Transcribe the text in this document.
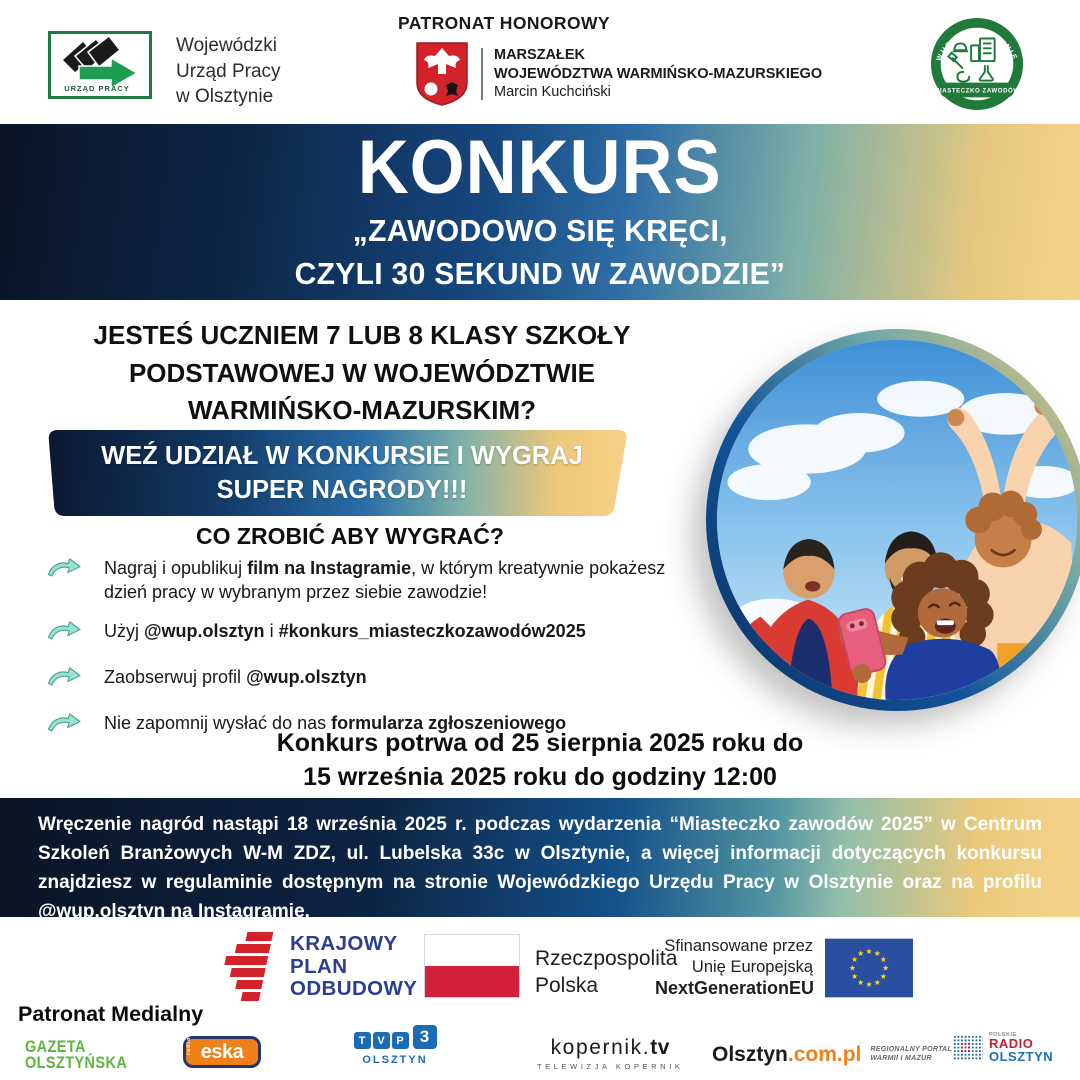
URZĄD PRACY
Wojewódzki
Urząd Pracy
w Olsztynie
PATRONAT HONOROWY
MARSZAŁEK
WOJEWÓDZTWA WARMIŃSKO-MAZURSKIEGO
Marcin Kuchciński
WUP W OLSZTYNIE
MIASTECZKO ZAWODÓW
KONKURS
„ZAWODOWO SIĘ KRĘCI,
CZYLI 30 SEKUND W ZAWODZIE”
JESTEŚ UCZNIEM 7 LUB 8 KLASY SZKOŁY
PODSTAWOWEJ W WOJEWÓDZTWIE
WARMIŃSKO-MAZURSKIM?
WEŹ UDZIAŁ W KONKURSIE I WYGRAJ
SUPER NAGRODY!!!
CO ZROBIĆ ABY WYGRAĆ?
Nagraj i opublikuj film na Instagramie, w którym kreatywnie pokażesz dzień pracy w wybranym przez siebie zawodzie!
Użyj @wup.olsztyn i #konkurs_miasteczkozawodów2025
Zaobserwuj profil @wup.olsztyn
Nie zapomnij wysłać do nas formularza zgłoszeniowego
Konkurs potrwa od 25 sierpnia 2025 roku do
15 września 2025 roku do godziny 12:00
Wręczenie nagród nastąpi 18 września 2025 r. podczas wydarzenia “Miasteczko zawodów 2025” w Centrum Szkoleń Branżowych W-M ZDZ, ul. Lubelska 33c w Olsztynie, a więcej informacji dotyczących konkursu znajdziesz w regulaminie dostępnym na stronie Wojewódzkiego Urzędu Pracy w Olsztynie oraz na profilu @wup.olsztyn na Instagramie.
KRAJOWY
PLAN
ODBUDOWY
Rzeczpospolita
Polska
Sfinansowane przez
Unię Europejską
NextGenerationEU
★ ★
★
★
★
★
★
★
★
★
★
★
Patronat Medialny
GAZETA
OLSZTYŃSKA
radio eska	T	V	P 3
OLSZTYN
kopernik.tv
TELEWIZJA KOPERNIK
Olsztyn .com.pl REGIONALNY PORTAL
WARMII I MAZUR
POLSKIE
RADIO
OLSZTYN
